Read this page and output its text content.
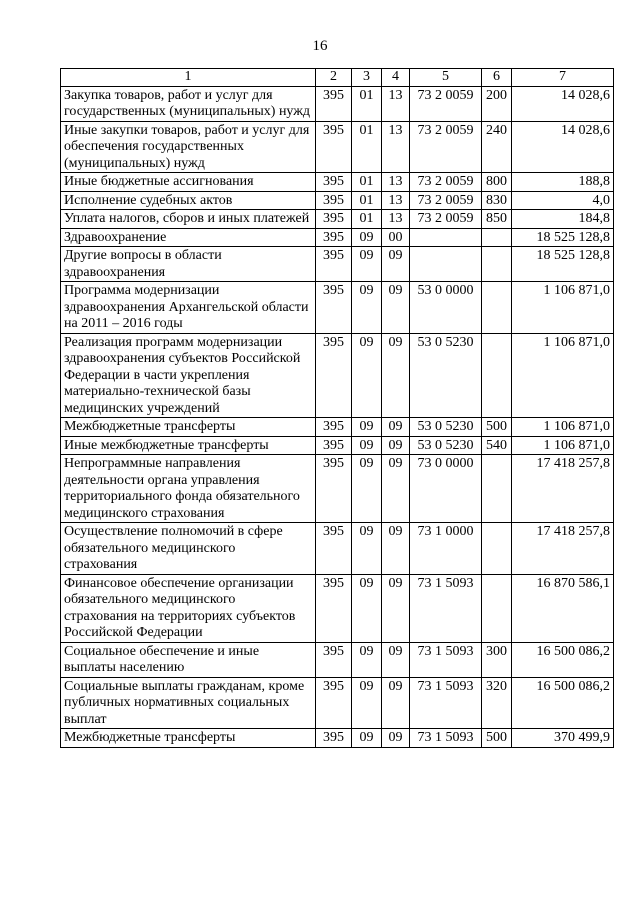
16
1	2	3	4	5	6	7
Закупка товаров, работ и услуг для государственных (муниципальных) нужд	395	01	13	73 2 0059	200	14 028,6
Иные закупки товаров, работ и услуг для обеспечения государственных (муниципальных) нужд	395	01	13	73 2 0059	240	14 028,6
Иные бюджетные ассигнования	395	01	13	73 2 0059	800	188,8
Исполнение судебных актов	395	01	13	73 2 0059	830	4,0
Уплата налогов, сборов и иных платежей	395	01	13	73 2 0059	850	184,8
Здравоохранение	395	09	00			18 525 128,8
Другие вопросы в области здравоохранения	395	09	09			18 525 128,8
Программа модернизации здравоохранения Архангельской области на 2011 – 2016 годы	395	09	09	53 0 0000		1 106 871,0
Реализация программ модернизации здравоохранения субъектов Российской Федерации в части укрепления материально-технической базы медицинских учреждений	395	09	09	53 0 5230		1 106 871,0
Межбюджетные трансферты	395	09	09	53 0 5230	500	1 106 871,0
Иные межбюджетные трансферты	395	09	09	53 0 5230	540	1 106 871,0
Непрограммные направления деятельности органа управления территориального фонда обязательного медицинского страхования	395	09	09	73 0 0000		17 418 257,8
Осуществление полномочий в сфере обязательного медицинского страхования	395	09	09	73 1 0000		17 418 257,8
Финансовое обеспечение организации обязательного медицинского страхования на территориях субъектов Российской Федерации	395	09	09	73 1 5093		16 870 586,1
Социальное обеспечение и иные выплаты населению	395	09	09	73 1 5093	300	16 500 086,2
Социальные выплаты гражданам, кроме публичных нормативных социальных выплат	395	09	09	73 1 5093	320	16 500 086,2
Межбюджетные трансферты	395	09	09	73 1 5093	500	370 499,9
